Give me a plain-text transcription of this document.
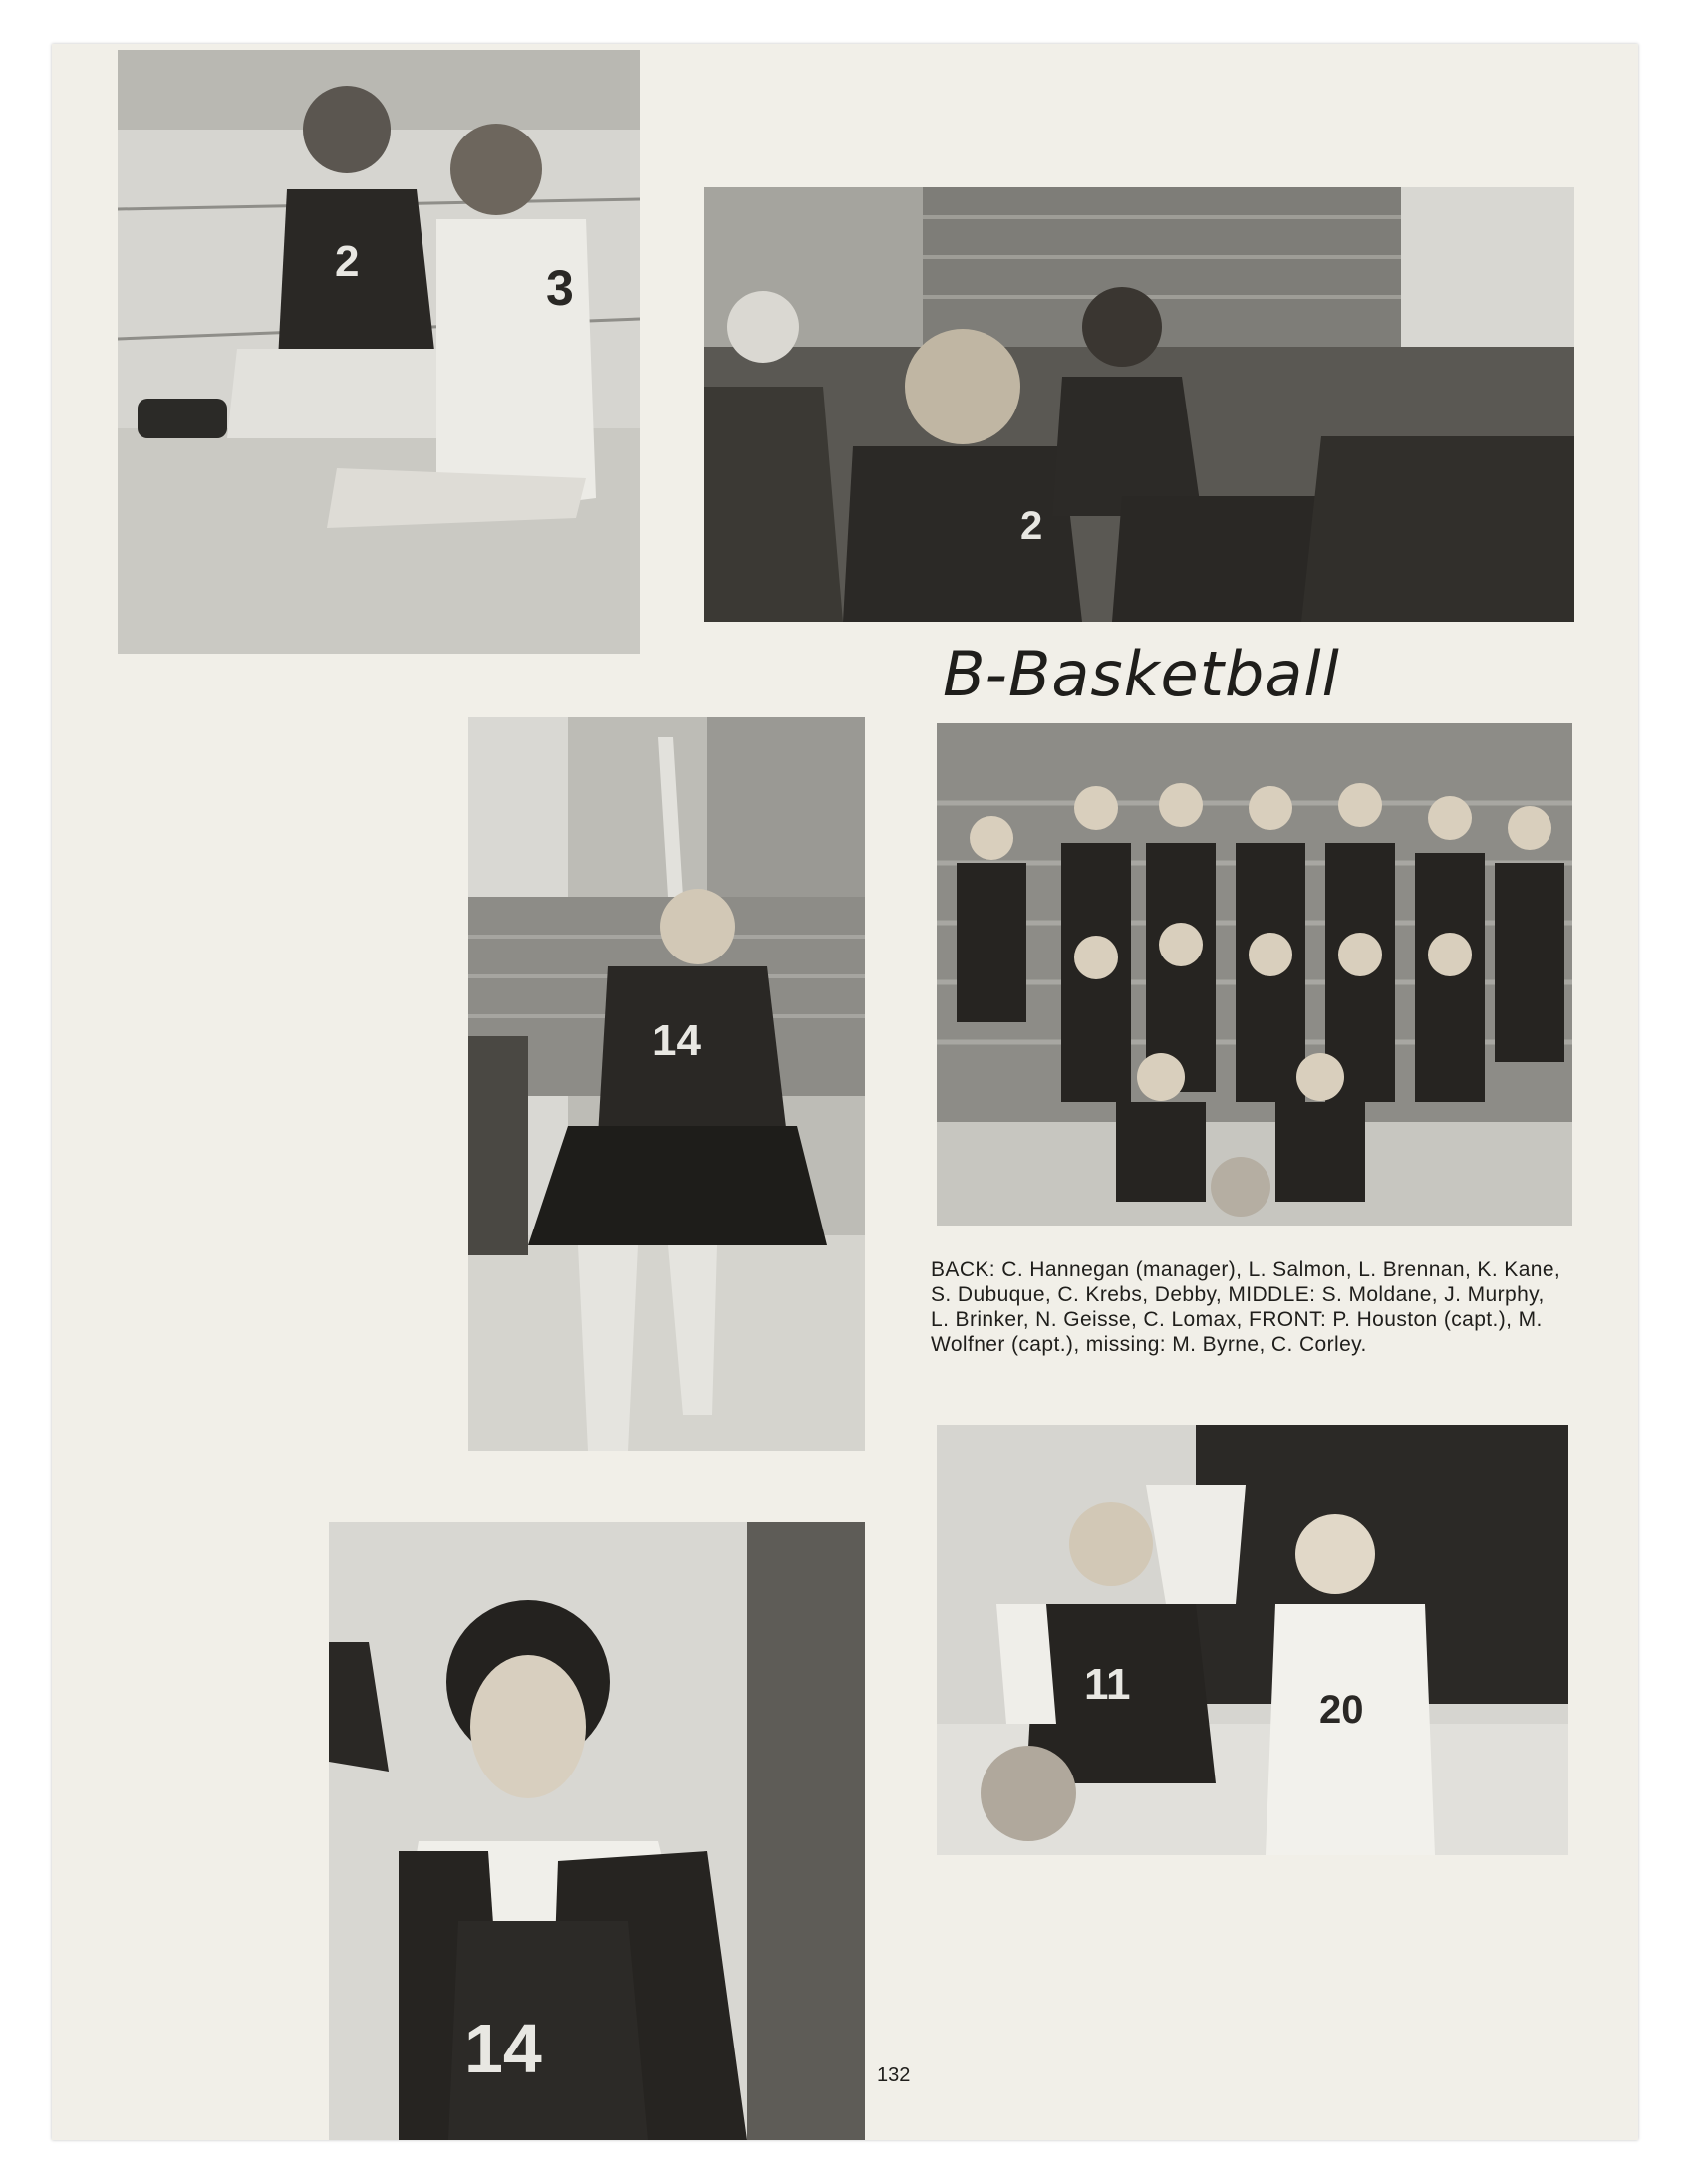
2	3
2
B-Basketball
14
BACK: C. Hannegan (manager), L. Salmon, L. Brennan, K. Kane, S. Dubuque, C. Krebs, Debby, MIDDLE: S. Moldane, J. Murphy, L. Brinker, N. Geisse, C. Lomax, FRONT: P. Houston (capt.), M. Wolfner (capt.), missing: M. Byrne, C. Corley.
14
11
20
132
